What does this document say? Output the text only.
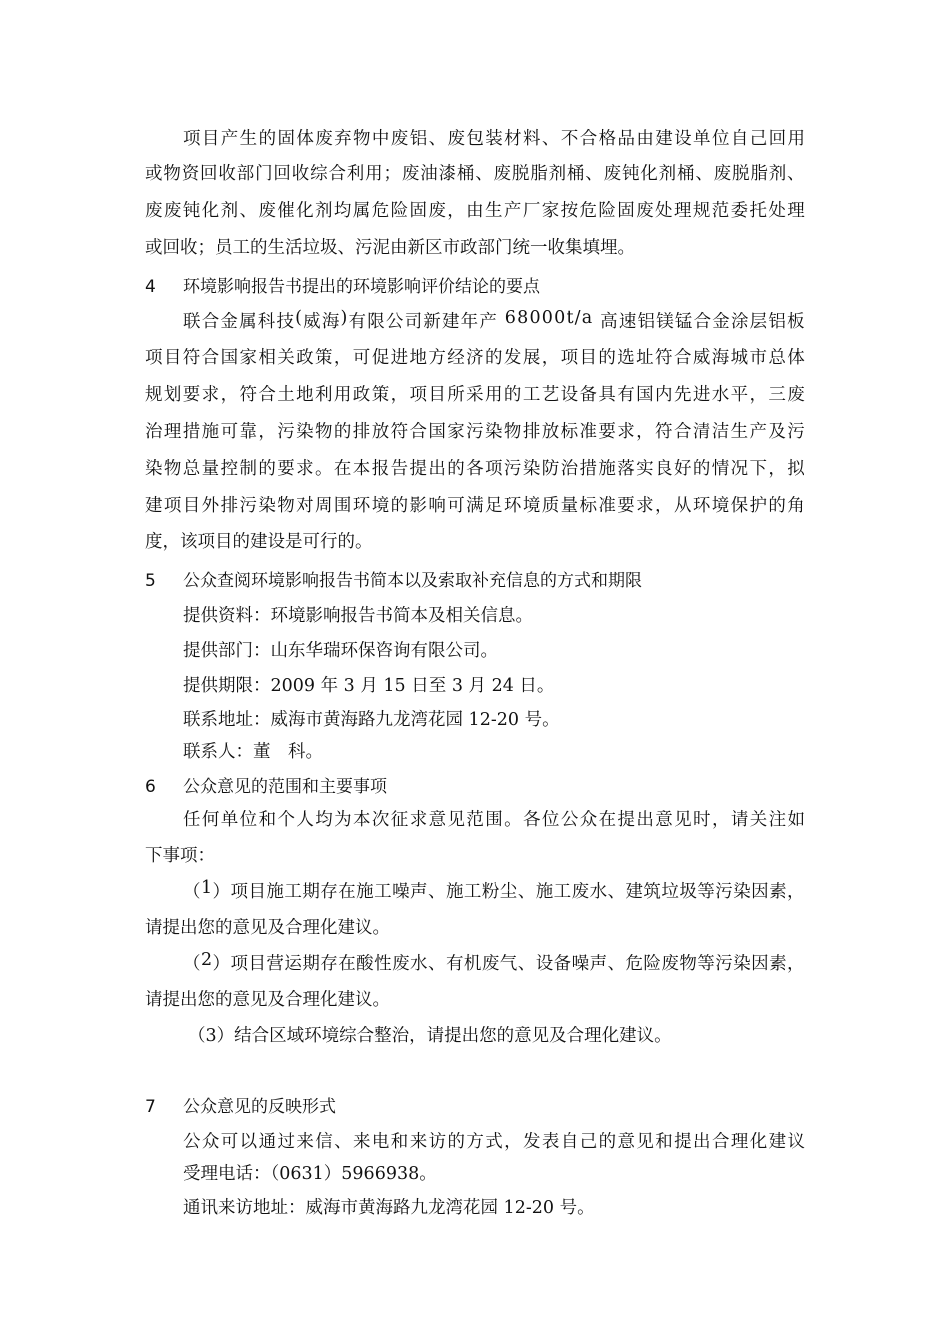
项 目 产 生 的 固 体 废 弃 物 中 废 铝 、 废 包 装 材 料 、 不 合 格 品 由 建 设 单 位 自 己 回 用
或 物 资 回 收 部 门 回 收 综 合 利 用 ； 废 油 漆 桶 、 废 脱 脂 剂 桶 、 废 钝 化 剂 桶 、 废 脱 脂 剂 、
废 废 钝 化 剂 、 废 催 化 剂 均 属 危 险 固 废 ， 由 生 产 厂 家 按 危 险 固 废 处 理 规 范 委 托 处 理
或回收；员工的生活垃圾、污泥由新区市政部门统一收集填埋。
4 环境影响报告书提出的环境影响评价结论的要点
联 合 金 属 科 技 ( 威 海 ) 有 限 公 司 新 建 年 产
6 8 0 0 0 t / a
高 速 铝 镁 锰 合 金 涂 层 铝 板
项 目 符 合 国 家 相 关 政 策 ， 可 促 进 地 方 经 济 的 发 展 ， 项 目 的 选 址 符 合 威 海 城 市 总 体
规 划 要 求 ， 符 合 土 地 利 用 政 策 ， 项 目 所 采 用 的 工 艺 设 备 具 有 国 内 先 进 水 平 ， 三 废
治 理 措 施 可 靠 ， 污 染 物 的 排 放 符 合 国 家 污 染 物 排 放 标 准 要 求 ， 符 合 清 洁 生 产 及 污
染 物 总 量 控 制 的 要 求 。 在 本 报 告 提 出 的 各 项 污 染 防 治 措 施 落 实 良 好 的 情 况 下 ， 拟
建 项 目 外 排 污 染 物 对 周 围 环 境 的 影 响 可 满 足 环 境 质 量 标 准 要 求 ， 从 环 境 保 护 的 角
度，该项目的建设是可行的。
5 公众查阅环境影响报告书简本以及索取补充信息的方式和期限
提供资料：环境影响报告书简本及相关信息。
提供部门：山东华瑞环保咨询有限公司。
提供期限：2009 年 3 月 15 日至 3 月 24 日。
联系地址：威海市黄海路九龙湾花园 12-20 号。
联系人：董　科。
6 公众意见的范围和主要事项
任 何 单 位 和 个 人 均 为 本 次 征 求 意 见 范 围 。 各 位 公 众 在 提 出 意 见 时 ， 请 关 注 如
下事项：
（ 1 ） 项 目 施 工 期 存 在 施 工 噪 声 、 施 工 粉 尘 、 施 工 废 水 、 建 筑 垃 圾 等 污 染 因 素 ，
请提出您的意见及合理化建议。
（ 2 ） 项 目 营 运 期 存 在 酸 性 废 水 、 有 机 废 气 、 设 备 噪 声 、 危 险 废 物 等 污 染 因 素 ，
请提出您的意见及合理化建议。
（3）结合区域环境综合整治，请提出您的意见及合理化建议。
7 公众意见的反映形式
公 众 可 以 通 过 来 信 、 来 电 和 来 访 的 方 式 ， 发 表 自 己 的 意 见 和 提 出 合 理 化 建 议
受理电话：（0631）5966938。
通讯来访地址：威海市黄海路九龙湾花园 12-20 号。
